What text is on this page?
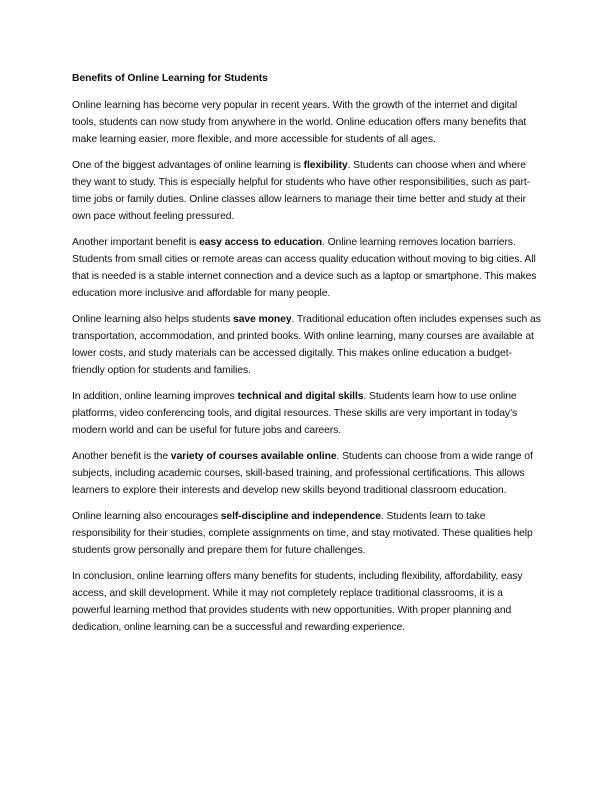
Benefits of Online Learning for Students

Online learning has become very popular in recent years. With the growth of the internet and digital tools, students can now study from anywhere in the world. Online education offers many benefits that make learning easier, more flexible, and more accessible for students of all ages.

One of the biggest advantages of online learning is flexibility. Students can choose when and where they want to study. This is especially helpful for students who have other responsibilities, such as part-time jobs or family duties. Online classes allow learners to manage their time better and study at their own pace without feeling pressured.

Another important benefit is easy access to education. Online learning removes location barriers. Students from small cities or remote areas can access quality education without moving to big cities. All that is needed is a stable internet connection and a device such as a laptop or smartphone. This makes education more inclusive and affordable for many people.

Online learning also helps students save money. Traditional education often includes expenses such as transportation, accommodation, and printed books. With online learning, many courses are available at lower costs, and study materials can be accessed digitally. This makes online education a budget-friendly option for students and families.

In addition, online learning improves technical and digital skills. Students learn how to use online platforms, video conferencing tools, and digital resources. These skills are very important in today’s modern world and can be useful for future jobs and careers.

Another benefit is the variety of courses available online. Students can choose from a wide range of subjects, including academic courses, skill-based training, and professional certifications. This allows learners to explore their interests and develop new skills beyond traditional classroom education.

Online learning also encourages self-discipline and independence. Students learn to take responsibility for their studies, complete assignments on time, and stay motivated. These qualities help students grow personally and prepare them for future challenges.

In conclusion, online learning offers many benefits for students, including flexibility, affordability, easy access, and skill development. While it may not completely replace traditional classrooms, it is a powerful learning method that provides students with new opportunities. With proper planning and dedication, online learning can be a successful and rewarding experience.
